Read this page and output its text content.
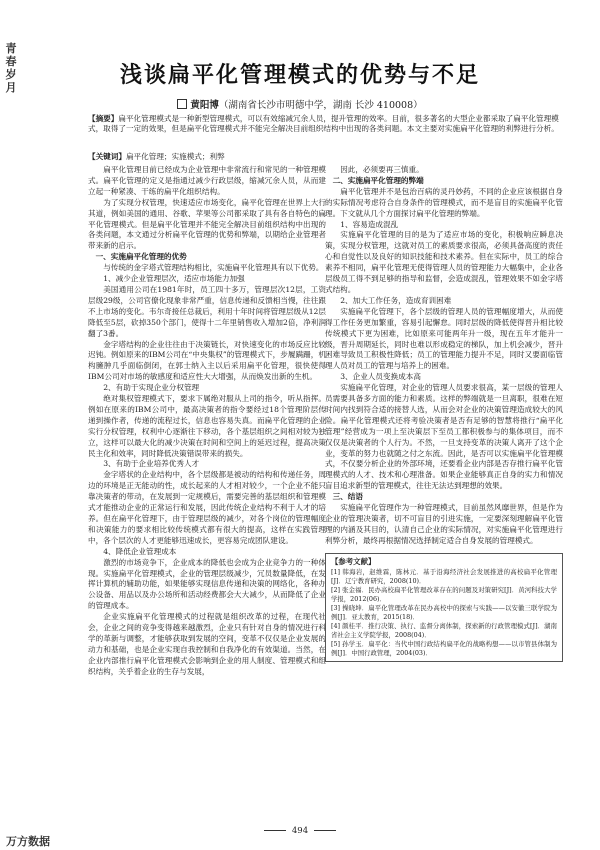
青春岁月	浅谈扁平化管理模式的优势与不足
黄阳博（湖南省长沙市明德中学，湖南 长沙 410008）
【摘要】扁平化管理模式是一种新型管理模式，可以有效缩减冗余人员，提升管理的效率。目前，很多著名的大型企业都采取了扁平化管理模式，取得了一定的效果，但是扁平化管理模式并不能完全解决目前组织结构中出现的各类问题。本文主要对实施扁平化管理的利弊进行分析。
【关键词】扁平化管理；实施模式；利弊

扁平化管理目前已经成为企业管理中非常流行和常见的一种管理模式。扁平化管理的定义是指通过减少行政层级，缩减冗余人员，从而建立起一种紧凑、干练的扁平化组织结构。

为了实现分权管理，快速适应市场变化，扁平化管理在世界上大行其道，例如美国的通用、谷歌、苹果等公司都采取了具有各自特色的扁平化管理模式。但是扁平化管理并不能完全解决目前组织结构中出现的各类问题，本文通过分析扁平化管理的优势和弊端，以期给企业管理者带来新的启示。

一、实施扁平化管理的优势

与传统的金字塔式管理结构相比，实施扁平化管理具有以下优势。

1、减少企业管理层次，适应市场能力加强

美国通用公司在1981年时，员工四十多万，管理层次12层，工资层级29级，公司官僚化现象非常严重，信息传递和反馈相当慢，往往跟不上市场的变化。韦尔奇接任总裁后，利用十年时间将管理层级从12层降低至5层，砍掉350个部门，使得十二年里销售收入增加2倍，净利润翻了3番。

金字塔结构的企业往往由于决策链长，对快速变化的市场反应比较迟钝。例如原来的IBM公司在“中央集权”的管理模式下，步履蹒跚，机构臃肿几乎面临倒闭，在郭士纳入主以后采用扁平化管理，很快使得IBM公司对市场的敏感度和适应性大大增强，从而焕发出新的生机。

2、有助于实现企业分权管理

绝对集权管理模式下，要求下属绝对服从上司的指令，听从指挥。例如在原来的IBM公司中，最高决策者的指令要经过18个管理阶层传递到操作者，传递的流程过长，信息也容易失真。而扁平化管理的企业实行分权管理，权利中心逐渐往下移动，各个基层组织之间相对较为独立，这样可以最大化的减少决策在时间和空间上的延迟过程，提高决策民主化和效率，同时降低决策错误带来的损失。

3、有助于企业培养优秀人才

金字塔状的企业结构中，各个层级都是被动的结构和传递任务，周边的环境是正无能动的性，成长起来的人才相对较少，一个企业不能只靠决策者的带动，在发展到一定规模后，需要完善的基层组织和管理模式才能推动企业的正常运行和发展，因此传统企业结构不利于人才的培养。但在扁平化管理下，由于管理层级的减少，对各个岗位的管理幅度和决策能力的要求相比较传统模式都有很大的提高，这样在实践管理中，各个层次的人才更能够迅速成长，更容易完成团队建设。

4、降低企业管理成本

激烈的市场竞争下，企业成本的降低也会成为企业竞争力的一种体现。实施扁平化管理模式，企业的管理层级减少，冗员数量降低，在发挥计算机的辅助功能，如果能够实现信息传递和决策的网络化，各种办公设备、用品以及办公场所和活动经费都会大大减少，从而降低了企业的管理成本。

企业实施扁平化管理模式的过程就是组织改革的过程，在现代社会，企业之间的竞争变得越来越激烈，企业只有针对自身的情况进行科学的革新与调整，才能够获取到发展的空间，变革不仅仅是企业发展的动力和基础，也是企业实现自我控制和自我净化的有效渠道。当然，在企业内部推行扁平化管理模式会影响到企业的用人制度、管理模式和组织结构，关乎着企业的生存与发展，

因此，必须要再三慎重。

二、实施扁平化管理的弊端

扁平化管理并不是包治百病的灵丹妙药，不同的企业应该根据自身的实际情况考虑符合自身条件的管理模式，而不是盲目的实施扁平化管理。下文就从几个方面探讨扁平化管理的弊端。

1、容易造成混乱

实施扁平化管理的目的是为了适应市场的变化，积极响应瞬息决策，实现分权管理，这就对员工的素质要求很高，必须具备高度的责任心和自觉性以及良好的知识技能和技术素养。但在实际中，员工的综合素养不相同，扁平化管理无使得管理人员的管理能力大幅集中，企业各层级员工得不到足够的指导和监督，会造成混乱，管理效果不如金字塔式结构。

2、加大工作任务，造成育训困难

实施扁平化管理下，各个层级的管理人员的管理幅度增大，从而使得工作任务更加繁重，容易引起懈怠。同时层级的降低使得晋升相比较传统模式下更为困难，比如原来可能两年升一级，现在五年才能升一级，晋升周期延长，同时也难以形成稳定的梯队，加上机会减少，晋升困难导致员工积极性降低；员工的管理能力提升不足，同时又要面临管理人员对员工的管理与培养上的困难。

3、企业人员变换成本高

实施扁平化管理，对企业的管理人员要求很高，某一层级的管理人员需要具备多方面的能力和素质。这样的弊端就是一旦离职，很难在短时间内找到符合适的接替人选，从而会对企业的决策管理造成较大的风险。扁平化管理模式还将考验决策者是否有足够的智慧将推行“扁平化管理”经营成为一项上至决策层下至员工都积极参与的集体项目，而不仅仅是决策者的个人行为。不然，一旦支持变革的决策人离开了这个企业，变革的努力也就随之付之东流。因此，是否可以实施扁平化管理模式，不仅要分析企业的外部环境，还要看企业内部是否存推行扁平化管理模式的人才、技术和心理准备。如果企业能够真正自身的实力和情况盲目追求新型的管理模式，往往无法达到理想的效果。

三、结语

实施扁平化管理作为一种管理模式，目前虽然风靡世界，但是作为企业的管理决策者，切不可盲目的引进实施，一定要深刻理解扁平化管理的内涵及其目的，认清自己企业的实际情况，对实施扁平化管理进行利弊分析，最终再根据情况选择制定适合自身发展的管理模式。

【参考文献】
[1] 韩海岩，赵维霖，陈林元．基于沿海经济社会发展推进的高校扁平化管理[J]．辽宁教育研究，2008(10)．
[2] 张金福．民办高校扁平化管理改革存在的问题及对策研究[J]．黄河科技大学学报，2012(06)．
[3] 操晓坤．扁平化管理改革在民办高校中的探索与实践——以安徽三联学院为例[J]．亚太教育，2015(18)．
[4] 颜桂平．推行决策、执行、监督分离体制，探索新的行政管理模式[J]．湖南省社会主义学院学报，2008(04)．
[5] 孙学玉．扁平化：当代中国行政结构扁平化的战略构想——以市管县体制为例[J]．中国行政管理，2004(03)．
494
万方数据
